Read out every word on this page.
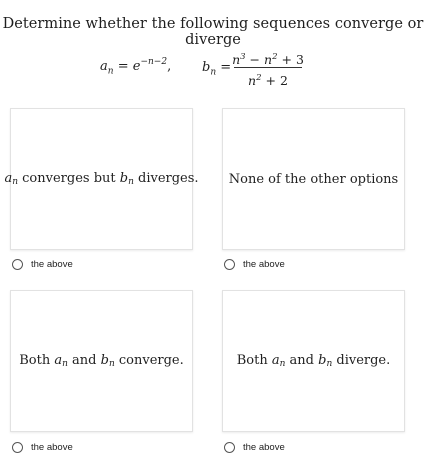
Determine whether the following sequences converge or diverge
$a_n = e^{-n-2}$, $b_n$ =
$n^3 - n^2 + 3$
$n^2 + 2$
$a_n$ converges but $b_n$ diverges.
the above
None of the other options
the above
Both $a_n$ and $b_n$ converge.
the above
Both $a_n$ and $b_n$ diverge.
the above
